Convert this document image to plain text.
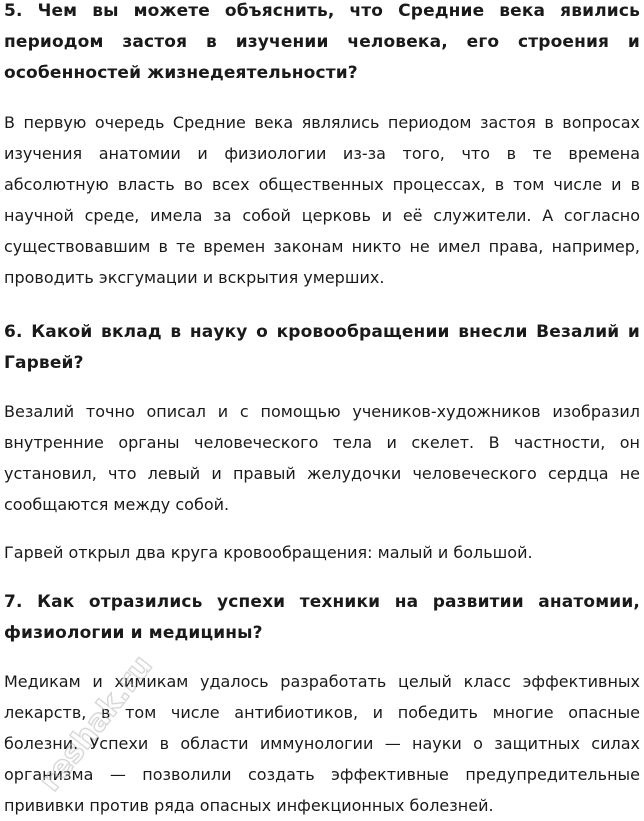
5. Чем вы можете объяснить, что Средние века явились периодом застоя в изучении человека, его строения и особенностей жизнедеятельности?

В первую очередь Средние века являлись периодом застоя в вопросах изучения анатомии и физиологии из-за того, что в те времена абсолютную власть во всех общественных процессах, в том числе и в научной среде, имела за собой церковь и её служители. А согласно существовавшим в те времен законам никто не имел права, например, проводить эксгумации и вскрытия умерших.

6. Какой вклад в науку о кровообращении внесли Везалий и Гарвей?

Везалий точно описал и с помощью учеников-художников изобразил внутренние органы человеческого тела и скелет. В частности, он установил, что левый и правый желудочки человеческого сердца не сообщаются между собой.

Гарвей открыл два круга кровообращения: малый и большой.

7. Как отразились успехи техники на развитии анатомии, физиологии и медицины?

Медикам и химикам удалось разработать целый класс эффективных лекарств, в том числе антибиотиков, и победить многие опасные болезни. Успехи в области иммунологии — науки о защитных силах организма — позволили создать эффективные предупредительные прививки против ряда опасных инфекционных болезней.

reshak.ru
